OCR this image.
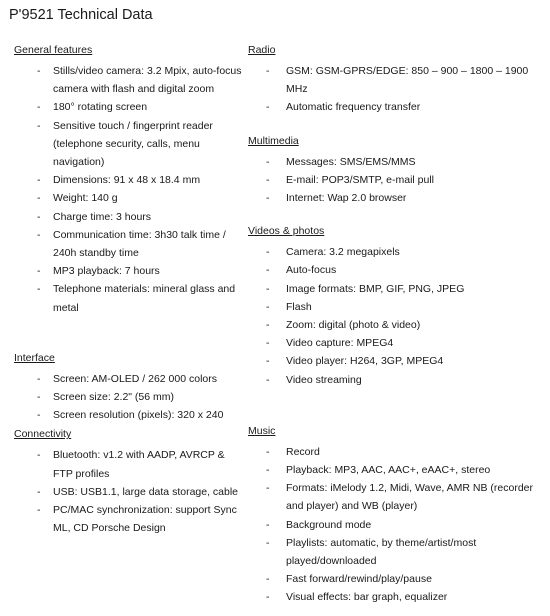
P'9521 Technical Data
General features
- Stills/video camera: 3.2 Mpix, auto-focus camera with flash and digital zoom
- 180° rotating screen
- Sensitive touch / fingerprint reader (telephone security, calls, menu navigation)
- Dimensions: 91 x 48 x 18.4 mm
- Weight: 140 g
- Charge time: 3 hours
- Communication time: 3h30 talk time / 240h standby time
- MP3 playback: 7 hours
- Telephone materials: mineral glass and metal
Interface
- Screen: AM-OLED / 262 000 colors
- Screen size: 2.2" (56 mm)
- Screen resolution (pixels): 320 x 240
Connectivity
- Bluetooth: v1.2 with AADP, AVRCP & FTP profiles
- USB: USB1.1, large data storage, cable
- PC/MAC synchronization: support Sync ML, CD Porsche Design
Radio
- GSM: GSM-GPRS/EDGE: 850 – 900 – 1800 – 1900 MHz
- Automatic frequency transfer
Multimedia
- Messages: SMS/EMS/MMS
- E-mail: POP3/SMTP, e-mail pull
- Internet: Wap 2.0 browser
Videos & photos
- Camera: 3.2 megapixels
- Auto-focus
- Image formats: BMP, GIF, PNG, JPEG
- Flash
- Zoom: digital (photo & video)
- Video capture: MPEG4
- Video player: H264, 3GP, MPEG4
- Video streaming
Music
- Record
- Playback: MP3, AAC, AAC+, eAAC+, stereo
- Formats: iMelody 1.2, Midi, Wave, AMR NB (recorder and player) and WB (player)
- Background mode
- Playlists: automatic, by theme/artist/most played/downloaded
- Fast forward/rewind/play/pause
- Visual effects: bar graph, equalizer
